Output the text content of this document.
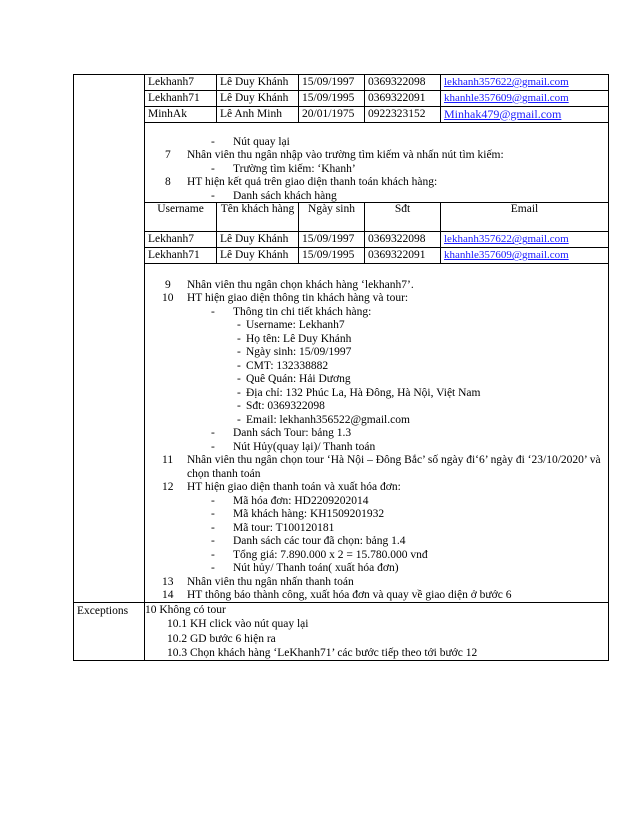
Lekhanh7	Lê Duy Khánh	15/09/1997	0369322098	lekhanh357622@gmail.com
Lekhanh71	Lê Duy Khánh	15/09/1995	0369322091	khanhle357609@gmail.com
MinhAk	Lê Anh Minh	20/01/1975	0922323152	Minhak479@gmail.com
- Nút quay lại
7 Nhân viên thu ngân nhập vào trường tìm kiếm và nhấn nút tìm kiếm:
- Trường tìm kiếm: ‘Khanh’
8 HT hiện kết quả trên giao diện thanh toán khách hàng:
- Danh sách khách hàng
Username	Tên khách hàng	Ngày sinh	Sđt	Email
Lekhanh7	Lê Duy Khánh	15/09/1997	0369322098	lekhanh357622@gmail.com
Lekhanh71	Lê Duy Khánh	15/09/1995	0369322091	khanhle357609@gmail.com
9 Nhân viên thu ngân chọn khách hàng ‘lekhanh7’.
10 HT hiện giao diện thông tin khách hàng và tour:
- Thông tin chi tiết khách hàng:
- Username: Lekhanh7
- Họ tên: Lê Duy Khánh
- Ngày sinh: 15/09/1997
- CMT: 132338882
- Quê Quán: Hải Dương
- Địa chỉ: 132 Phúc La, Hà Đông, Hà Nội, Việt Nam
- Sđt: 0369322098
- Email: lekhanh356522@gmail.com
- Danh sách Tour: bảng 1.3
- Nút Hủy(quay lại)/ Thanh toán
11 Nhân viên thu ngân chọn tour ‘Hà Nội – Đông Bắc’ số ngày đi‘6’ ngày đi ‘23/10/2020’ và
chọn thanh toán
12 HT hiện giao diện thanh toán và xuất hóa đơn:
- Mã hóa đơn: HD2209202014
- Mã khách hàng: KH1509201932
- Mã tour: T100120181
- Danh sách các tour đã chọn: bảng 1.4
- Tổng giá: 7.890.000 x 2 = 15.780.000 vnđ
- Nút hủy/ Thanh toán( xuất hóa đơn)
13 Nhân viên thu ngân nhấn thanh toán
14 HT thông báo thành công, xuất hóa đơn và quay về giao diện ở bước 6

Exceptions	10 Không có tour
10.1 KH click vào nút quay lại
10.2 GD bước 6 hiện ra
10.3 Chọn khách hàng ‘LeKhanh71’ các bước tiếp theo tới bước 12
